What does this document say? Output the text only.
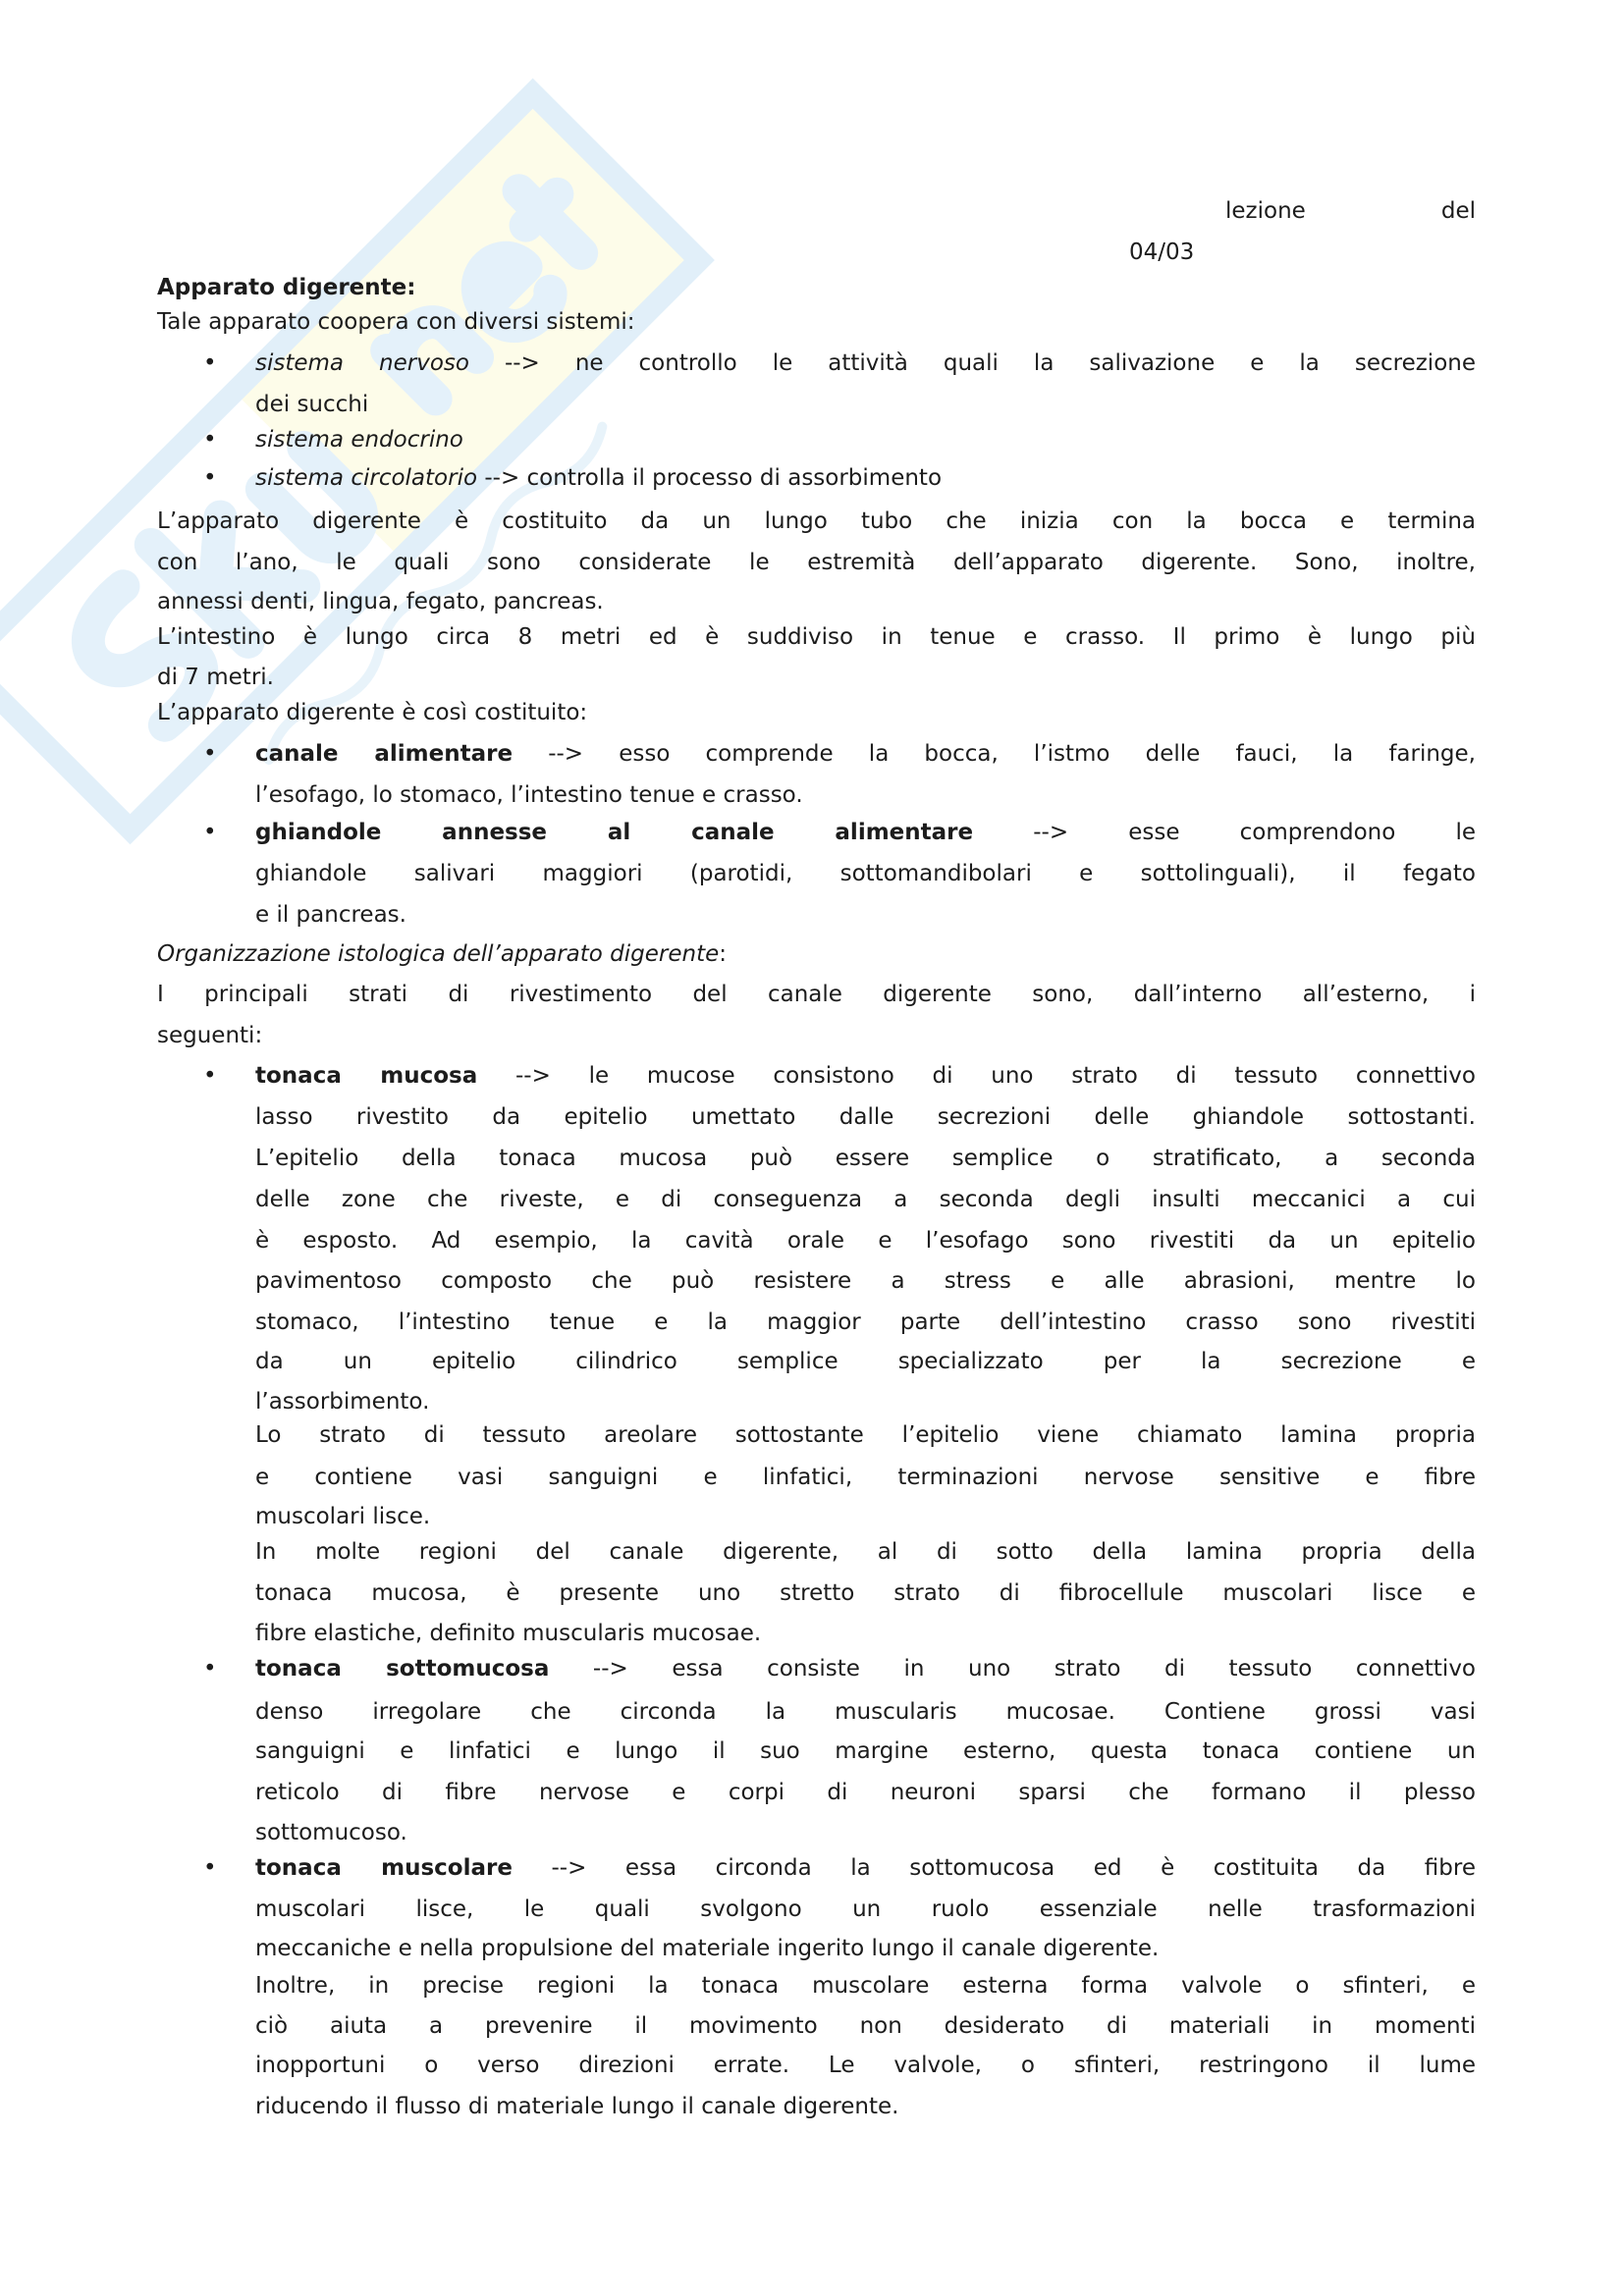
lezione	del
04/03
Apparato digerente:
Tale apparato coopera con diversi sistemi:
sistema nervoso --> ne controllo le attività quali la salivazione e la secrezione
•
dei succhi
sistema endocrino
•
sistema circolatorio --> controlla il processo di assorbimento
•
L’apparato digerente è costituito da un lungo tubo che inizia con la bocca e termina
con l’ano, le quali sono considerate le estremità dell’apparato digerente. Sono, inoltre,
annessi denti, lingua, fegato, pancreas.
L’intestino è lungo circa 8 metri ed è suddiviso in tenue e crasso. Il primo è lungo più
di 7 metri.
L’apparato digerente è così costituito:
canale alimentare --> esso comprende la bocca, l’istmo delle fauci, la faringe,
•
l’esofago, lo stomaco, l’intestino tenue e crasso.
ghiandole annesse al canale alimentare --> esse comprendono le
•
ghiandole salivari maggiori (parotidi, sottomandibolari e sottolinguali), il fegato
e il pancreas.
Organizzazione istologica dell’apparato digerente:
I principali strati di rivestimento del canale digerente sono, dall’interno all’esterno, i
seguenti:
tonaca mucosa --> le mucose consistono di uno strato di tessuto connettivo
•
lasso rivestito da epitelio umettato dalle secrezioni delle ghiandole sottostanti.
L’epitelio della tonaca mucosa può essere semplice o stratificato, a seconda
delle zone che riveste, e di conseguenza a seconda degli insulti meccanici a cui
è esposto. Ad esempio, la cavità orale e l’esofago sono rivestiti da un epitelio
pavimentoso composto che può resistere a stress e alle abrasioni, mentre lo
stomaco, l’intestino tenue e la maggior parte dell’intestino crasso sono rivestiti
da un epitelio cilindrico semplice specializzato per la secrezione e
l’assorbimento.
Lo strato di tessuto areolare sottostante l’epitelio viene chiamato lamina propria
e contiene vasi sanguigni e linfatici, terminazioni nervose sensitive e fibre
muscolari lisce.
In molte regioni del canale digerente, al di sotto della lamina propria della
tonaca mucosa, è presente uno stretto strato di fibrocellule muscolari lisce e
fibre elastiche, definito muscularis mucosae.
tonaca sottomucosa --> essa consiste in uno strato di tessuto connettivo
•
denso irregolare che circonda la muscularis mucosae. Contiene grossi vasi
sanguigni e linfatici e lungo il suo margine esterno, questa tonaca contiene un
reticolo di fibre nervose e corpi di neuroni sparsi che formano il plesso
sottomucoso.
tonaca muscolare --> essa circonda la sottomucosa ed è costituita da fibre
•
muscolari lisce, le quali svolgono un ruolo essenziale nelle trasformazioni
meccaniche e nella propulsione del materiale ingerito lungo il canale digerente.
Inoltre, in precise regioni la tonaca muscolare esterna forma valvole o sfinteri, e
ciò aiuta a prevenire il movimento non desiderato di materiali in momenti
inopportuni o verso direzioni errate. Le valvole, o sfinteri, restringono il lume
riducendo il flusso di materiale lungo il canale digerente.
